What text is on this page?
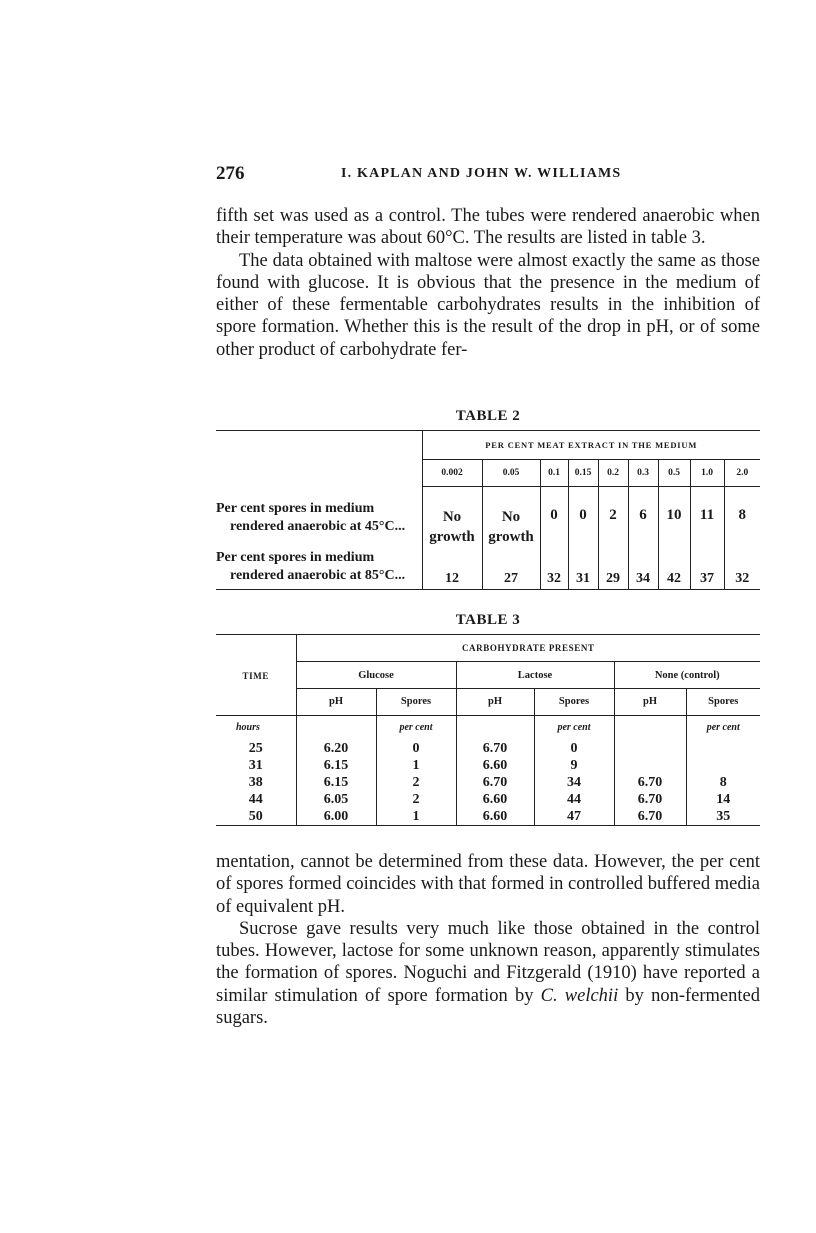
276	I. KAPLAN AND JOHN W. WILLIAMS

fifth set was used as a control. The tubes were rendered anaerobic when their temperature was about 60°C. The results are listed in table 3.

The data obtained with maltose were almost exactly the same as those found with glucose. It is obvious that the presence in the medium of either of these fermentable carbohydrates results in the inhibition of spore formation. Whether this is the result of the drop in pH, or of some other product of carbohydrate fer-

TABLE 2
	PER CENT MEAT EXTRACT IN THE MEDIUM								
	0.002	0.05	0.1	0.15	0.2	0.3	0.5	1.0	2.0

Per cent spores in medium
rendered anaerobic at 45°C...	No growth	No growth	0	0	2	6	10	11	8

Per cent spores in medium
rendered anaerobic at 85°C...	12	27	32	31	29	34	42	37	32
TABLE 3
TIME	CARBOHYDRATE PRESENT					
	Glucose		Lactose		None (control)	
	pH	Spores	pH	Spores	pH	Spores
hours		per cent		per cent		per cent
25	6.20	0	6.70	0		
31	6.15	1	6.60	9		
38	6.15	2	6.70	34	6.70	8
44	6.05	2	6.60	44	6.70	14
50	6.00	1	6.60	47	6.70	35

mentation, cannot be determined from these data. However, the per cent of spores formed coincides with that formed in controlled buffered media of equivalent pH.

Sucrose gave results very much like those obtained in the control tubes. However, lactose for some unknown reason, apparently stimulates the formation of spores. Noguchi and Fitzgerald (1910) have reported a similar stimulation of spore formation by C. welchii by non-fermented sugars.
